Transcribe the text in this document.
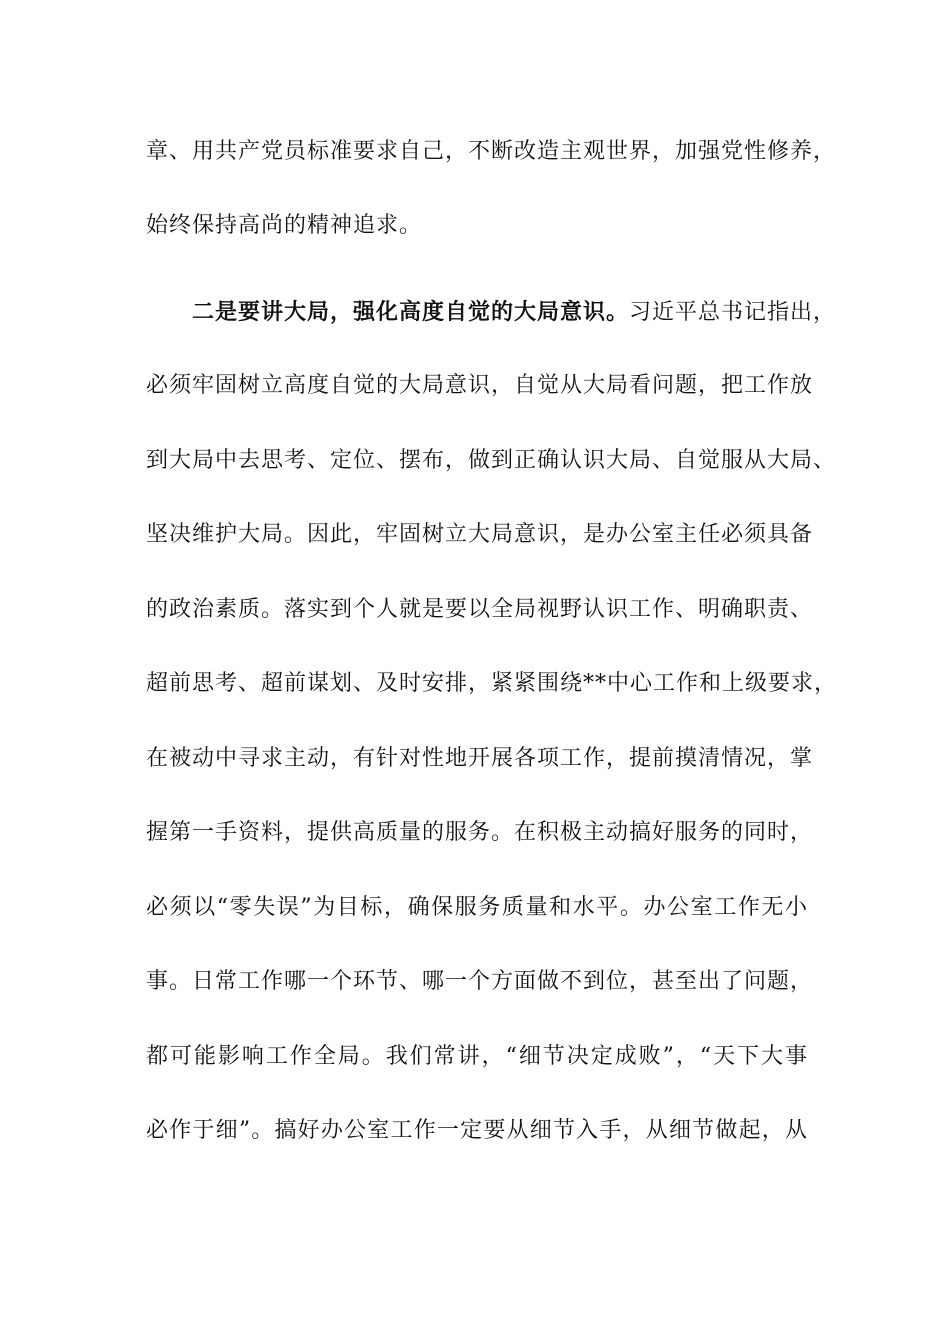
章、用共产党员标准要求自己，不断改造主观世界，加强党性修养，
始终保持高尚的精神追求。
二是要讲大局，强化高度自觉的大局意识。习近平总书记指出，
必须牢固树立高度自觉的大局意识，自觉从大局看问题，把工作放
到大局中去思考、定位、摆布，做到正确认识大局、自觉服从大局、
坚决维护大局。因此，牢固树立大局意识，是办公室主任必须具备
的政治素质。落实到个人就是要以全局视野认识工作、明确职责、
超前思考、超前谋划、及时安排，紧紧围绕**中心工作和上级要求，
在被动中寻求主动，有针对性地开展各项工作，提前摸清情况，掌
握第一手资料，提供高质量的服务。在积极主动搞好服务的同时，
必须以“零失误”为目标，确保服务质量和水平。办公室工作无小
事。日常工作哪一个环节、哪一个方面做不到位，甚至出了问题，
都可能影响工作全局。我们常讲，“细节决定成败”，“天下大事
必作于细”。搞好办公室工作一定要从细节入手，从细节做起，从
